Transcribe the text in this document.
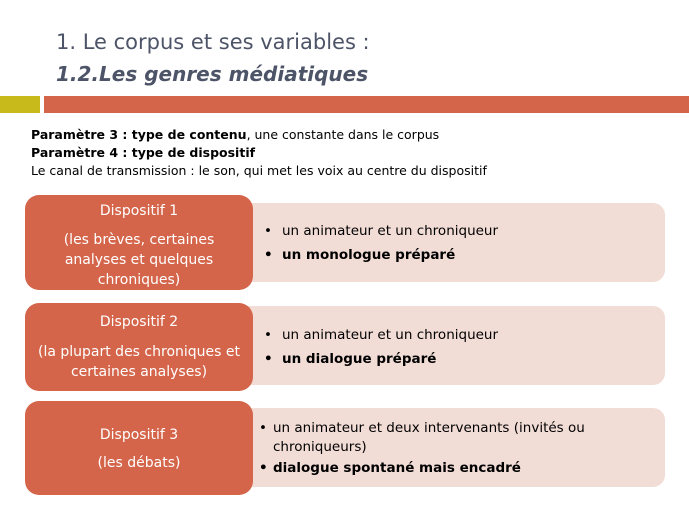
1. Le corpus et ses variables :
1.2.Les genres médiatiques
Paramètre 3 : type de contenu, une constante dans le corpus
Paramètre 4 : type de dispositif
Le canal de transmission : le son, qui met les voix au centre du dispositif
Dispositif 1
(les brèves, certaines analyses et quelques chroniques)
• un animateur et un chroniqueur
• un monologue préparé
Dispositif 2
(la plupart des chroniques et certaines analyses)
• un animateur et un chroniqueur
• un dialogue préparé
Dispositif 3
(les débats)
• un animateur et deux intervenants (invités ou chroniqueurs)
• dialogue spontané mais encadré
